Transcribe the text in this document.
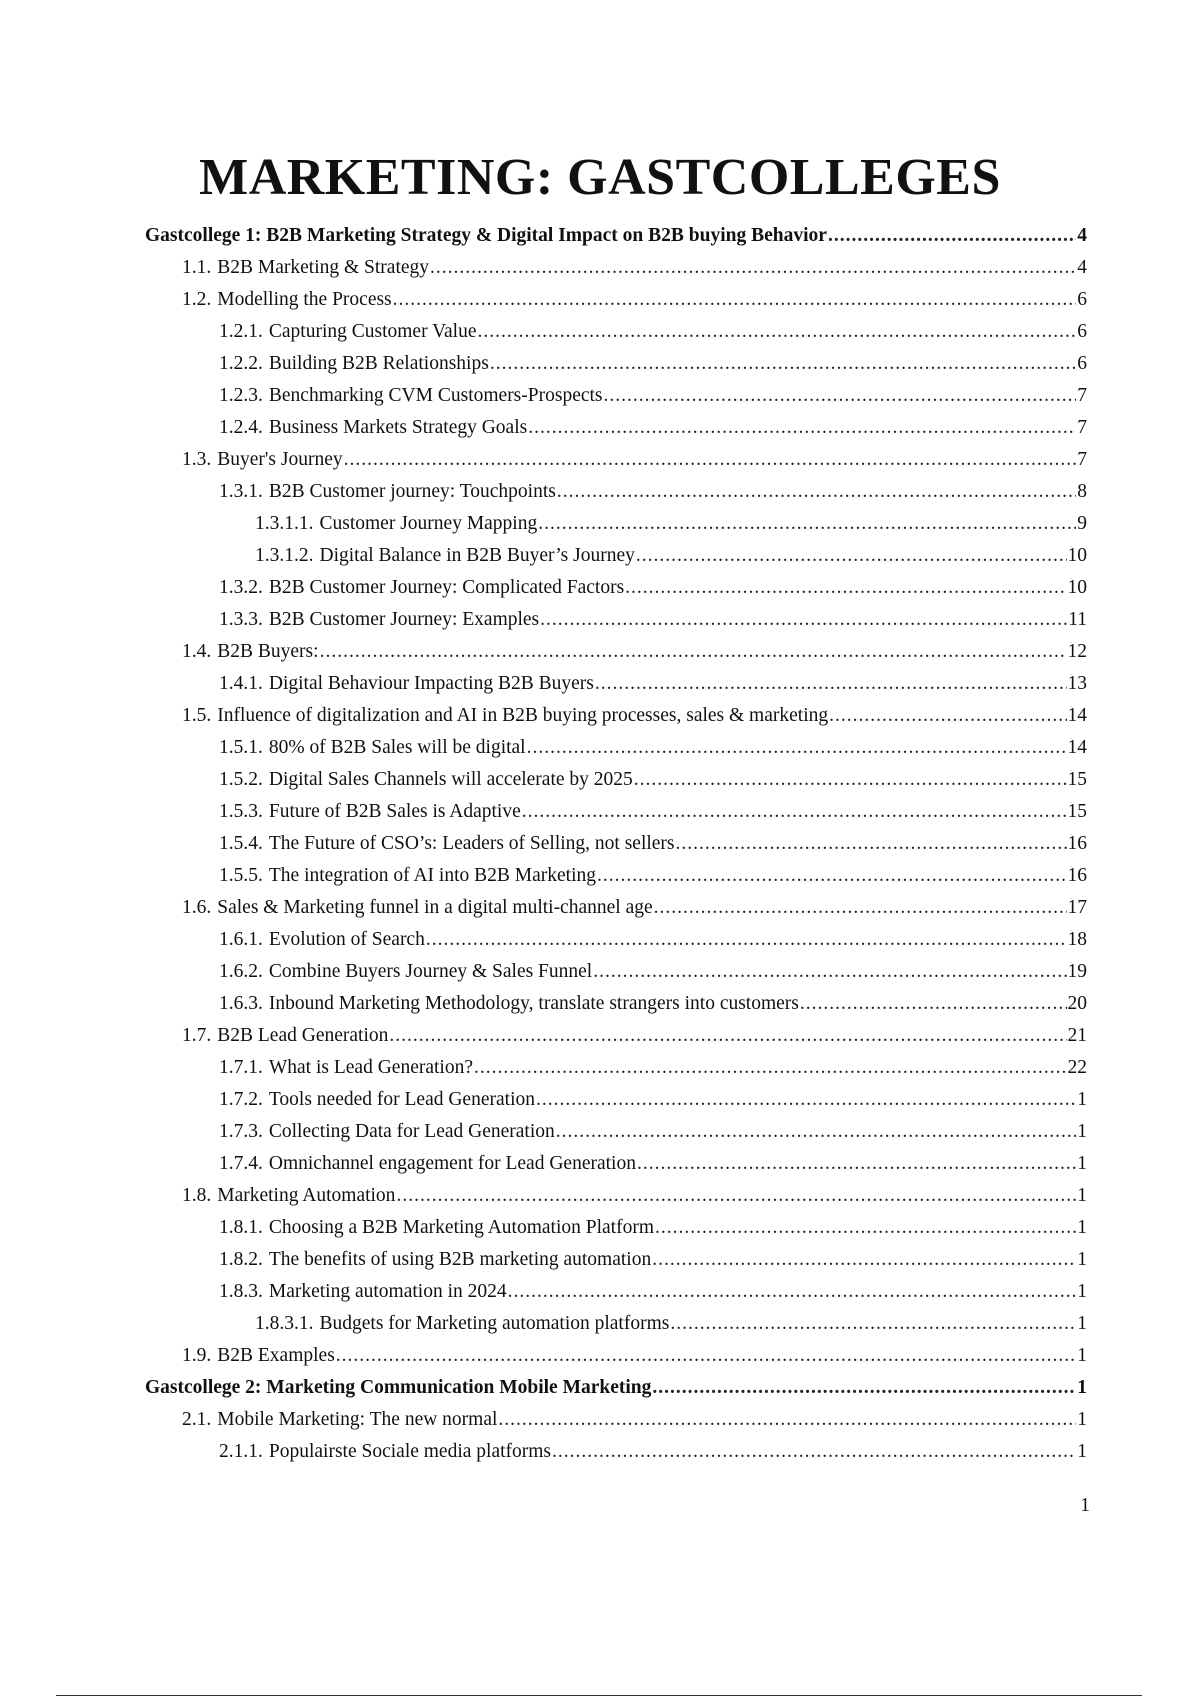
MARKETING: GASTCOLLEGES
Gastcollege 1: B2B Marketing Strategy & Digital Impact on B2B buying Behavior .....	4
1.1. B2B Marketing & Strategy .....	4
1.2. Modelling the Process .....	6
1.2.1. Capturing Customer Value .....	6
1.2.2. Building B2B Relationships .....	6
1.2.3. Benchmarking CVM Customers-Prospects .....	7
1.2.4. Business Markets Strategy Goals .....	7
1.3. Buyer's Journey .....	7
1.3.1. B2B Customer journey: Touchpoints .....	8
1.3.1.1. Customer Journey Mapping .....	9
1.3.1.2. Digital Balance in B2B Buyer’s Journey .....	10
1.3.2. B2B Customer Journey: Complicated Factors .....	10
1.3.3. B2B Customer Journey: Examples .....	11
1.4. B2B Buyers: .....	12
1.4.1. Digital Behaviour Impacting B2B Buyers .....	13
1.5. Influence of digitalization and AI in B2B buying processes, sales & marketing .....	14
1.5.1. 80% of B2B Sales will be digital .....	14
1.5.2. Digital Sales Channels will accelerate by 2025 .....	15
1.5.3. Future of B2B Sales is Adaptive .....	15
1.5.4. The Future of CSO’s: Leaders of Selling, not sellers .....	16
1.5.5. The integration of AI into B2B Marketing .....	16
1.6. Sales & Marketing funnel in a digital multi-channel age .....	17
1.6.1. Evolution of Search .....	18
1.6.2. Combine Buyers Journey & Sales Funnel .....	19
1.6.3. Inbound Marketing Methodology, translate strangers into customers .....	20
1.7. B2B Lead Generation .....	21
1.7.1. What is Lead Generation? .....	22
1.7.2. Tools needed for Lead Generation .....	1
1.7.3. Collecting Data for Lead Generation .....	1
1.7.4. Omnichannel engagement for Lead Generation .....	1
1.8. Marketing Automation .....	1
1.8.1. Choosing a B2B Marketing Automation Platform .....	1
1.8.2. The benefits of using B2B marketing automation .....	1
1.8.3. Marketing automation in 2024 .....	1
1.8.3.1. Budgets for Marketing automation platforms .....	1
1.9. B2B Examples .....	1
Gastcollege 2: Marketing Communication Mobile Marketing .....	1
2.1. Mobile Marketing: The new normal .....	1
2.1.1. Populairste Sociale media platforms .....	1
1
